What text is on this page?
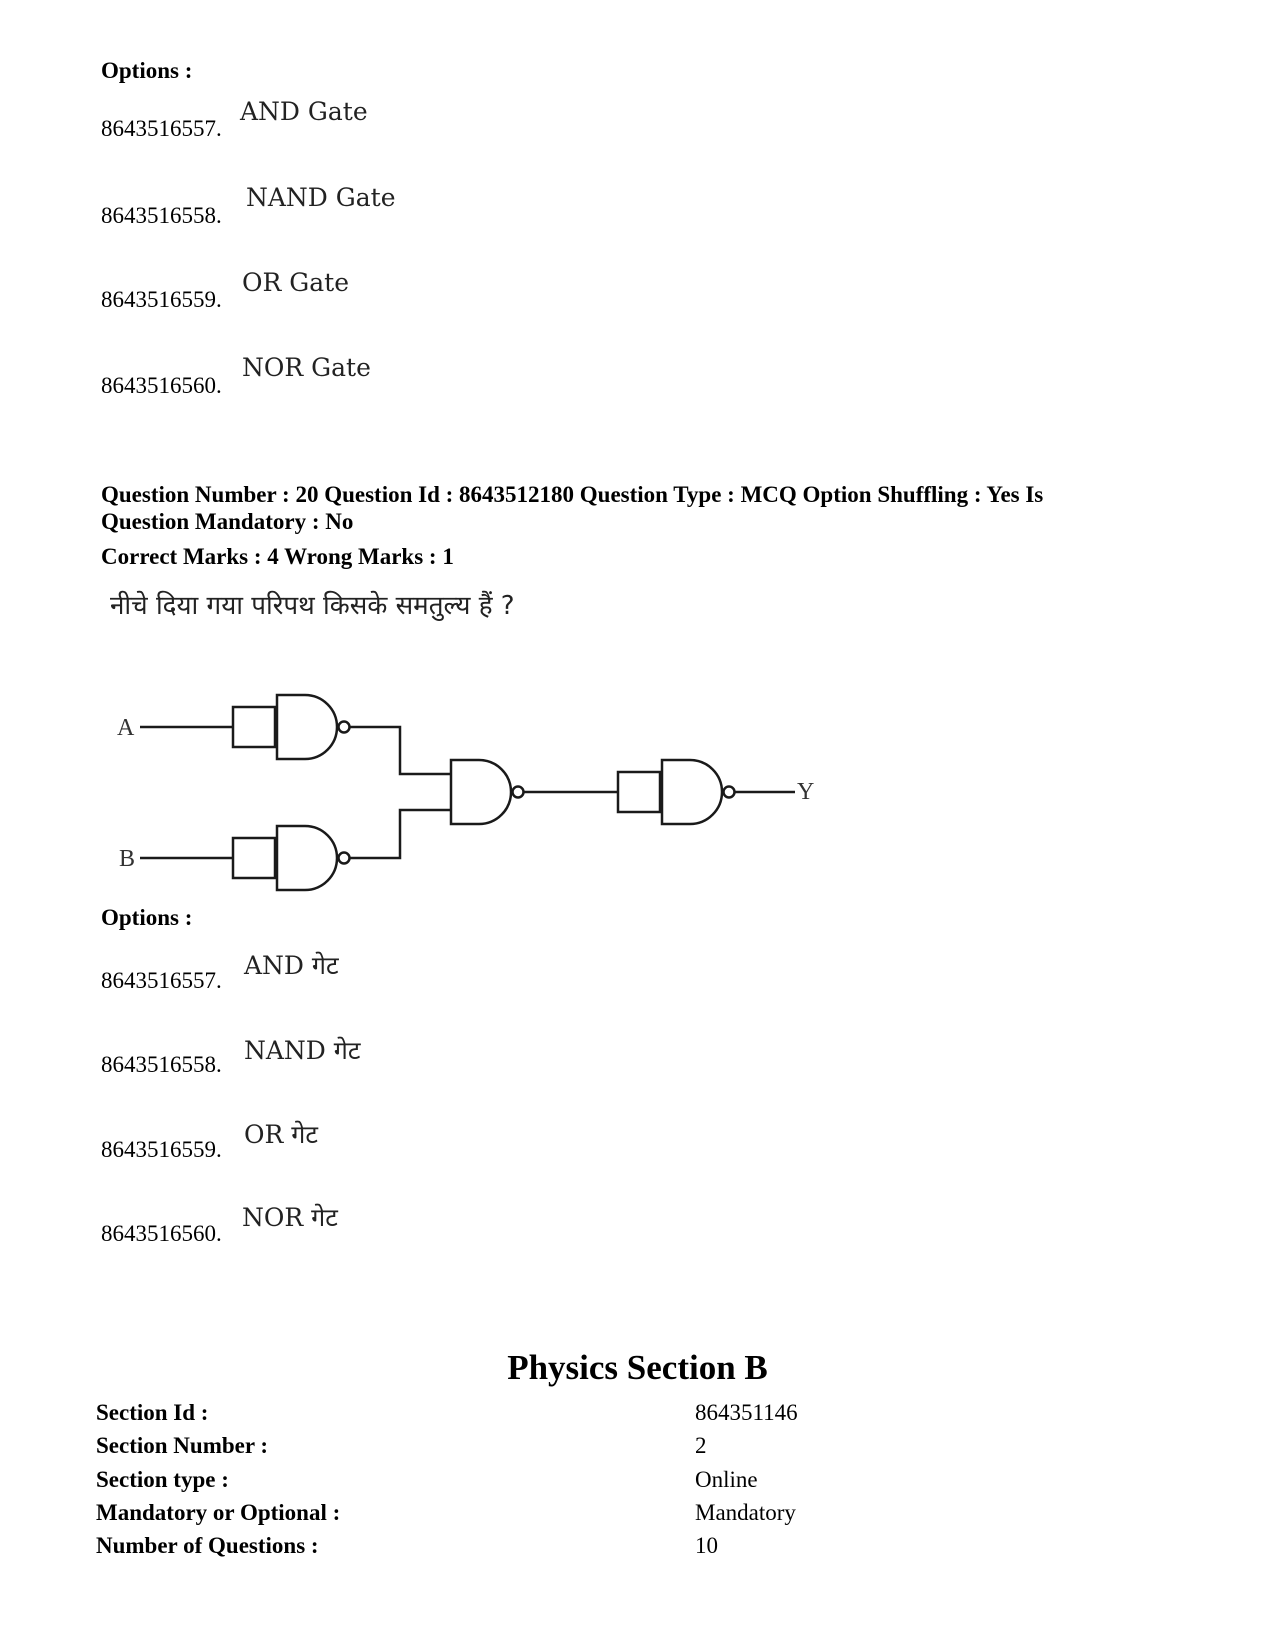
Options :
8643516557.
AND Gate
8643516558.
NAND Gate
8643516559.
OR Gate
8643516560.
NOR Gate
Question Number : 20 Question Id : 8643512180 Question Type : MCQ Option Shuffling : Yes Is
Question Mandatory : No
Correct Marks : 4 Wrong Marks : 1
नीचे दिया गया परिपथ किसके समतुल्य हैं ?
A
B
Y
Options :
8643516557.
AND गेट
8643516558. NAND गेट
8643516559.
OR गेट
8643516560.
NOR गेट
Physics Section B
Section Id :	864351146
Section Number :	2
Section type :	Online
Mandatory or Optional :	Mandatory
Number of Questions :	10
